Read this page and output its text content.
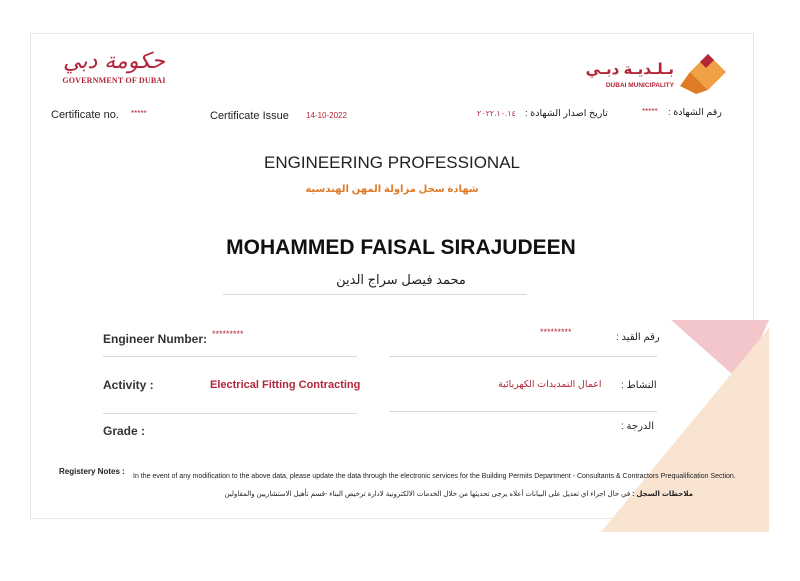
حكومة دبي
GOVERNMENT OF DUBAI
بـلـديـة دبـي
DUBAI MUNICIPALITY
Certificate no. *****	Certificate Issue 14-10-2022	٢٠٢٢.١٠.١٤ تاريخ اصدار الشهادة :	***** رقم الشهادة :
ENGINEERING PROFESSIONAL
شهادة سجل مزاولة المهن الهندسية
MOHAMMED FAISAL SIRAJUDEEN
محمد فيصل سراج الدين
Engineer Number: *********	*********	رقم القيد :
Activity :	Electrical Fitting Contracting	اعمال التمديدات الكهربائية النشاط :
Grade :	الدرجة :
Registery Notes :
In the event of any modification to the above data, please update the data through the electronic services for the Building Permits Department - Consultants & Contractors Prequalification Section.
ملاحظات السجل : في حال اجراء اي تعديل على البيانات أعلاه يرجى تحديثها من خلال الخدمات الالكترونية لادارة ترخيص البناء -قسم تأهيل الاستشاريين والمقاولين
